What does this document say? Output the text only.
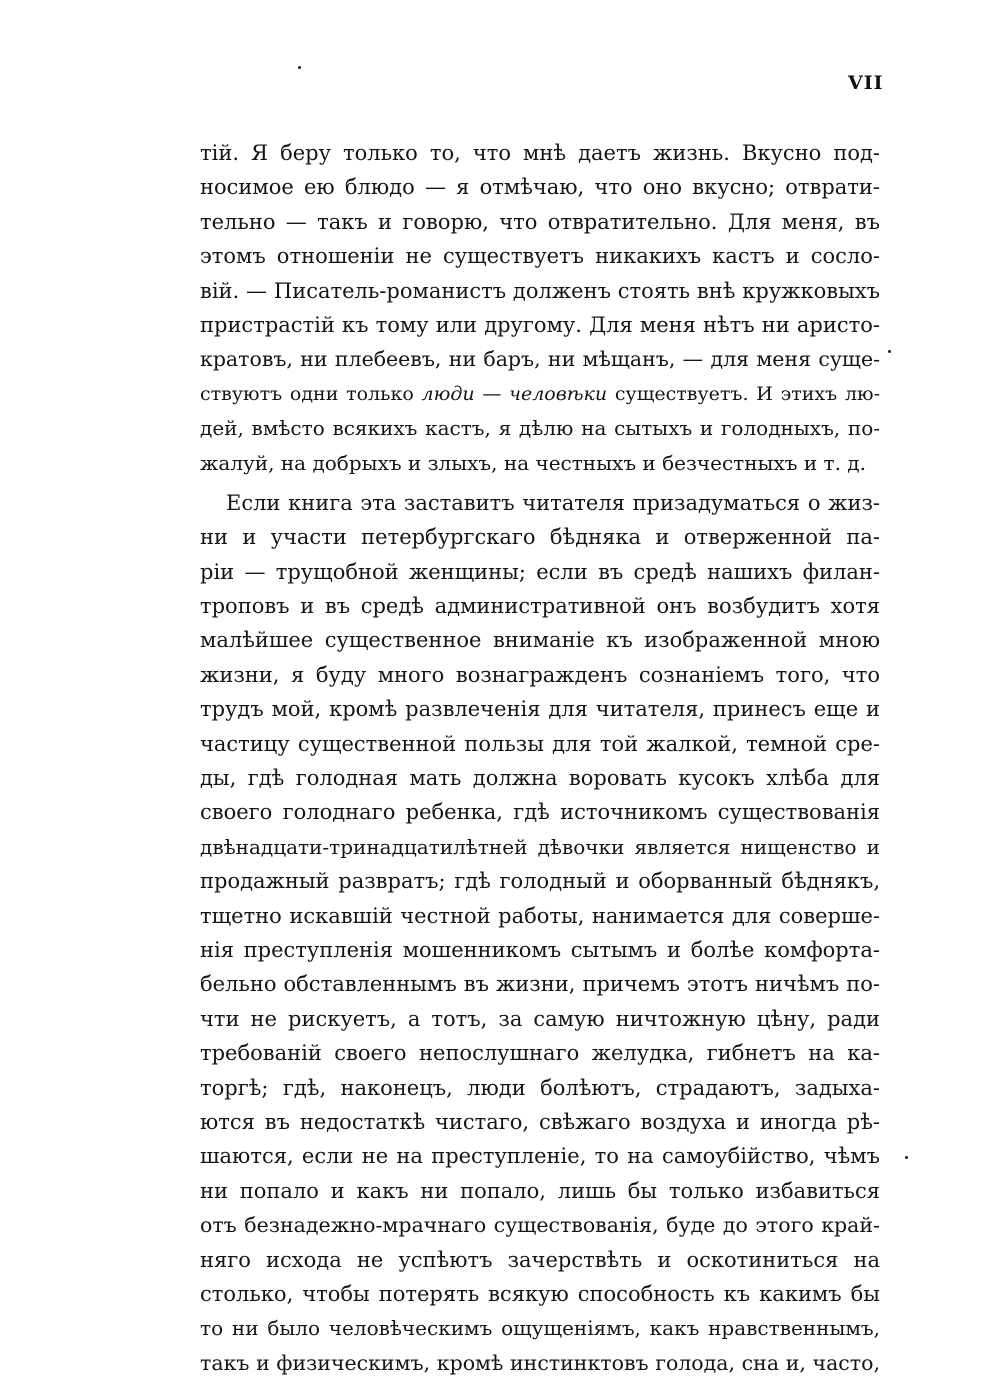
VII
тій. Я беру только то, что мнѣ даетъ жизнь. Вкусно под-
носимое ею блюдо — я отмѣчаю, что оно вкусно; отврати-
тельно — такъ и говорю, что отвратительно. Для меня, въ
этомъ отношеніи не существуетъ никакихъ кастъ и сосло-
вій. — Писатель-романистъ долженъ стоять внѣ кружковыхъ
пристрастій къ тому или другому. Для меня нѣтъ ни аристо-
кратовъ, ни плебеевъ, ни баръ, ни мѣщанъ, — для меня суще-
ствуютъ одни только люди — человѣки существуетъ. И этихъ лю-
дей, вмѣсто всякихъ кастъ, я дѣлю на сытыхъ и голодныхъ, по-
жалуй, на добрыхъ и злыхъ, на честныхъ и безчестныхъ и т. д.
Если книга эта заставитъ читателя призадуматься о жиз-
ни и участи петербургскаго бѣдняка и отверженной па-
ріи — трущобной женщины; если въ средѣ нашихъ филан-
троповъ и въ средѣ административной онъ возбудитъ хотя
малѣйшее существенное вниманіе къ изображенной мною
жизни, я буду много вознагражденъ сознаніемъ того, что
трудъ мой, кромѣ развлеченія для читателя, принесъ еще и
частицу существенной пользы для той жалкой, темной сре-
ды, гдѣ голодная мать должна воровать кусокъ хлѣба для
своего голоднаго ребенка, гдѣ источникомъ существованія
двѣнадцати-тринадцатилѣтней дѣвочки является нищенство и
продажный развратъ; гдѣ голодный и оборванный бѣднякъ,
тщетно искавшій честной работы, нанимается для соверше-
нія преступленія мошенникомъ сытымъ и болѣе комфорта-
бельно обставленнымъ въ жизни, причемъ этотъ ничѣмъ по-
чти не рискуетъ, а тотъ, за самую ничтожную цѣну, ради
требованій своего непослушнаго желудка, гибнетъ на ка-
торгѣ; гдѣ, наконецъ, люди болѣютъ, страдаютъ, задыха-
ются въ недостаткѣ чистаго, свѣжаго воздуха и иногда рѣ-
шаются, если не на преступленіе, то на самоубійство, чѣмъ
ни попало и какъ ни попало, лишь бы только избавиться
отъ безнадежно-мрачнаго существованія, буде до этого край-
няго исхода не успѣютъ зачерствѣть и оскотиниться на
столько, чтобы потерять всякую способность къ какимъ бы
то ни было человѣческимъ ощущеніямъ, какъ нравственнымъ,
такъ и физическимъ, кромѣ инстинктовъ голода, сна и, часто,
